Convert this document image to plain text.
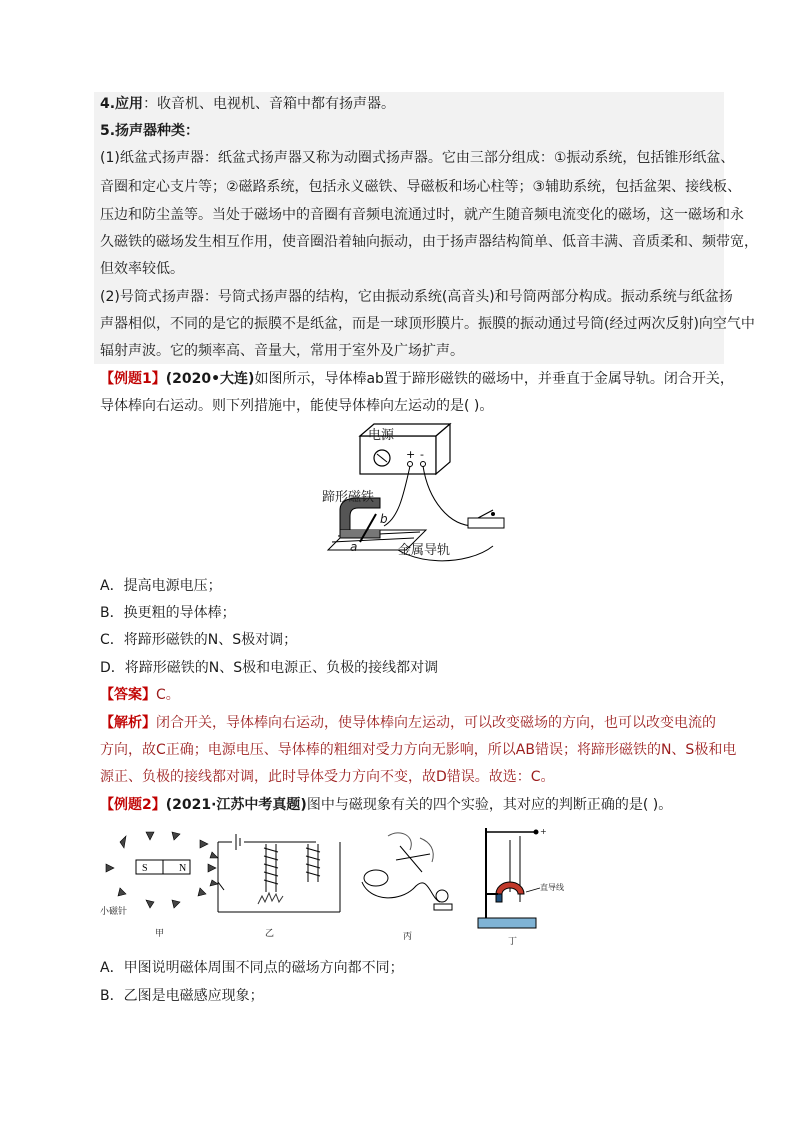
4.应用：收音机、电视机、音箱中都有扬声器。
5.扬声器种类：
(1)纸盆式扬声器：纸盆式扬声器又称为动圈式扬声器。它由三部分组成：①振动系统，包括锥形纸盆、
音圈和定心支片等；②磁路系统，包括永义磁铁、导磁板和场心柱等；③辅助系统，包括盆架、接线板、
压边和防尘盖等。当处于磁场中的音圈有音频电流通过时，就产生随音频电流变化的磁场，这一磁场和永
久磁铁的磁场发生相互作用，使音圈沿着轴向振动，由于扬声器结构简单、低音丰满、音质柔和、频带宽，
但效率较低。
(2)号筒式扬声器：号筒式扬声器的结构，它由振动系统(高音头)和号筒两部分构成。振动系统与纸盆扬
声器相似，不同的是它的振膜不是纸盆，而是一球顶形膜片。振膜的振动通过号筒(经过两次反射)向空气中
辐射声波。它的频率高、音量大，常用于室外及广场扩声。
【例题1】(2020•大连)如图所示，导体棒ab置于蹄形磁铁的磁场中，并垂直于金属导轨。闭合开关，
导体棒向右运动。则下列措施中，能使导体棒向左运动的是( )。
+ -
电源
蹄形磁铁
b
a	金属导轨
A．提高电源电压；
B．换更粗的导体棒；
C．将蹄形磁铁的N、S极对调；
D．将蹄形磁铁的N、S极和电源正、负极的接线都对调
【答案】C。
【解析】闭合开关，导体棒向右运动，使导体棒向左运动，可以改变磁场的方向，也可以改变电流的
方向，故C正确；电源电压、导体棒的粗细对受力方向无影响，所以AB错误；将蹄形磁铁的N、S极和电
源正、负极的接线都对调，此时导体受力方向不变，故D错误。故选：C。
【例题2】(2021·江苏中考真题)图中与磁现象有关的四个实验，其对应的判断正确的是( )。
S	N
小磁针
甲	乙	丙	丁
直导线
+
A．甲图说明磁体周围不同点的磁场方向都不同；
B．乙图是电磁感应现象；
